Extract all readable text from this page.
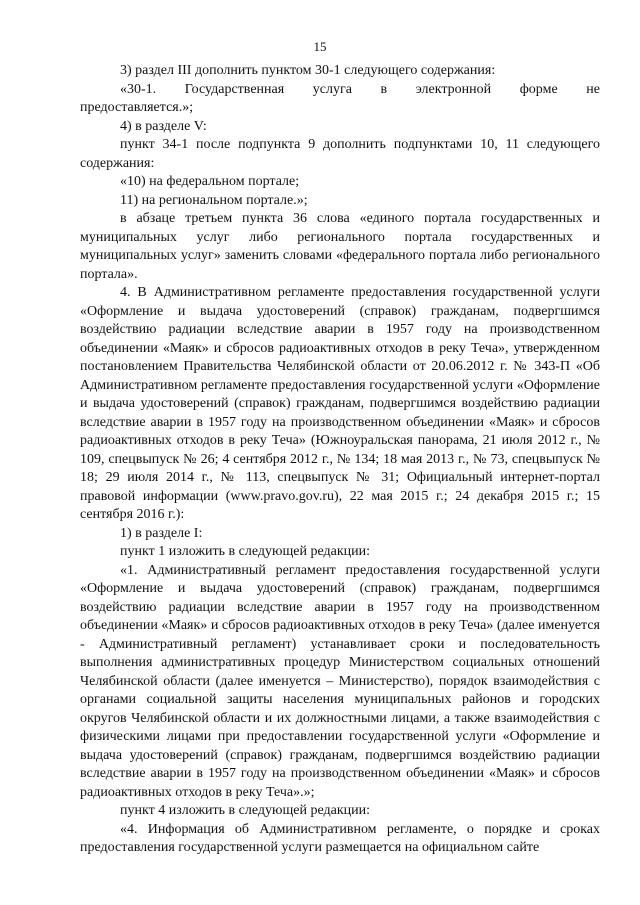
15

3) раздел III дополнить пунктом 30-1 следующего содержания:

«30-1. Государственная услуга в электронной форме не предоставляется.»;

4) в разделе V:

пункт 34-1 после подпункта 9 дополнить подпунктами 10, 11 следующего содержания:

«10) на федеральном портале;

11) на региональном портале.»;

в абзаце третьем пункта 36 слова «единого портала государственных и муниципальных услуг либо регионального портала государственных и муниципальных услуг» заменить словами «федерального портала либо регионального портала».

4. В Административном регламенте предоставления государственной услуги «Оформление и выдача удостоверений (справок) гражданам, подвергшимся воздействию радиации вследствие аварии в 1957 году на производственном объединении «Маяк» и сбросов радиоактивных отходов в реку Теча», утвержденном постановлением Правительства Челябинской области от 20.06.2012 г. № 343-П «Об Административном регламенте предоставления государственной услуги «Оформление и выдача удостоверений (справок) гражданам, подвергшимся воздействию радиации вследствие аварии в 1957 году на производственном объединении «Маяк» и сбросов радиоактивных отходов в реку Теча» (Южноуральская панорама, 21 июля 2012 г., № 109, спецвыпуск № 26; 4 сентября 2012 г., № 134; 18 мая 2013 г., № 73, спецвыпуск № 18; 29 июля 2014 г., № 113, спецвыпуск № 31; Официальный интернет-портал правовой информации (www.pravo.gov.ru), 22 мая 2015 г.; 24 декабря 2015 г.; 15 сентября 2016 г.):

1) в разделе I:

пункт 1 изложить в следующей редакции:

«1. Административный регламент предоставления государственной услуги «Оформление и выдача удостоверений (справок) гражданам, подвергшимся воздействию радиации вследствие аварии в 1957 году на производственном объединении «Маяк» и сбросов радиоактивных отходов в реку Теча» (далее именуется - Административный регламент) устанавливает сроки и последовательность выполнения административных процедур Министерством социальных отношений Челябинской области (далее именуется – Министерство), порядок взаимодействия с органами социальной защиты населения муниципальных районов и городских округов Челябинской области и их должностными лицами, а также взаимодействия с физическими лицами при предоставлении государственной услуги «Оформление и выдача удостоверений (справок) гражданам, подвергшимся воздействию радиации вследствие аварии в 1957 году на производственном объединении «Маяк» и сбросов радиоактивных отходов в реку Теча».»;

пункт 4 изложить в следующей редакции:

«4. Информация об Административном регламенте, о порядке и сроках предоставления государственной услуги размещается на официальном сайте
